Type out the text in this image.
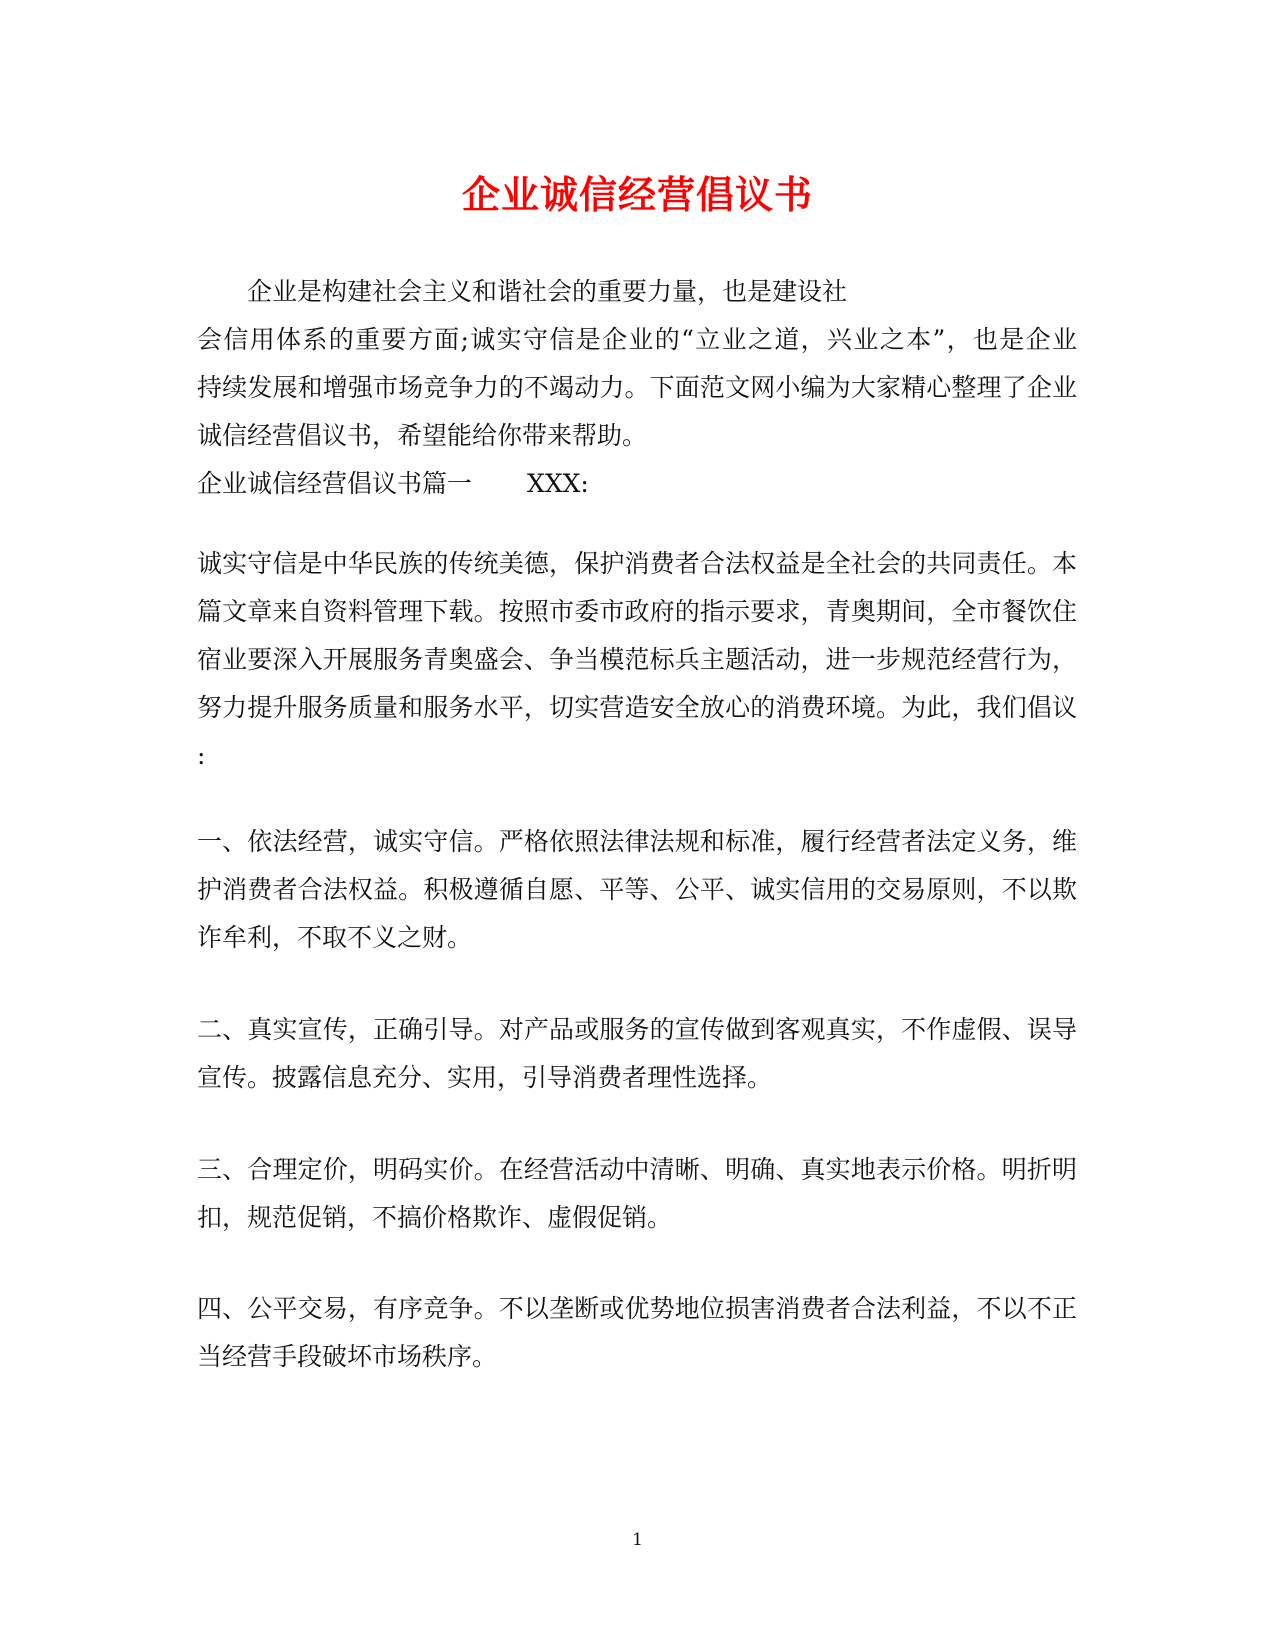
企业诚信经营倡议书
企业是构建社会主义和谐社会的重要力量，也是建设社
会信用体系的重要方面;诚实守信是企业的“立业之道，兴业之本”，也是企业
持续发展和增强市场竞争力的不竭动力。下面范文网小编为大家精心整理了企业
诚信经营倡议书，希望能给你带来帮助。
企业诚信经营倡议书篇一 XXX:
诚实守信是中华民族的传统美德，保护消费者合法权益是全社会的共同责任。本
篇文章来自资料管理下载。按照市委市政府的指示要求，青奥期间，全市餐饮住
宿业要深入开展服务青奥盛会、争当模范标兵主题活动，进一步规范经营行为，
努力提升服务质量和服务水平，切实营造安全放心的消费环境。为此，我们倡议
:
一、依法经营，诚实守信。严格依照法律法规和标准，履行经营者法定义务，维
护消费者合法权益。积极遵循自愿、平等、公平、诚实信用的交易原则，不以欺
诈牟利，不取不义之财。
二、真实宣传，正确引导。对产品或服务的宣传做到客观真实，不作虚假、误导
宣传。披露信息充分、实用，引导消费者理性选择。
三、合理定价，明码实价。在经营活动中清晰、明确、真实地表示价格。明折明
扣，规范促销，不搞价格欺诈、虚假促销。
四、公平交易，有序竞争。不以垄断或优势地位损害消费者合法利益，不以不正
当经营手段破坏市场秩序。
1
